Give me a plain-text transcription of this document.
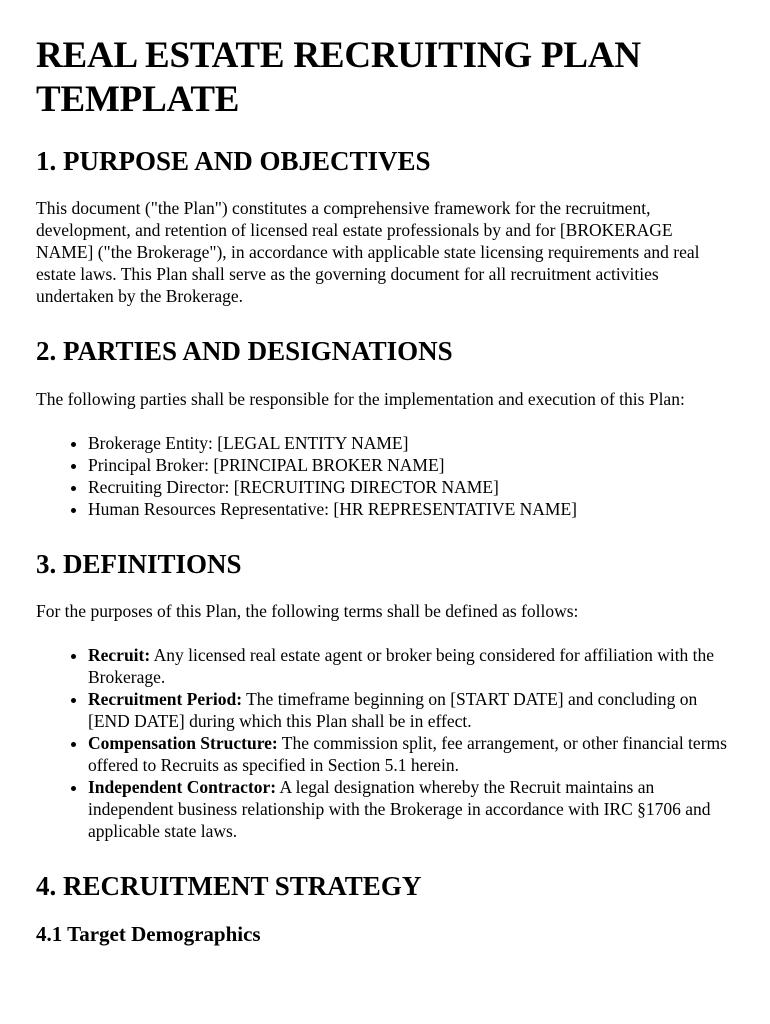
REAL ESTATE RECRUITING PLAN TEMPLATE
1. PURPOSE AND OBJECTIVES

This document ("the Plan") constitutes a comprehensive framework for the recruitment, development, and retention of licensed real estate professionals by and for [BROKERAGE NAME] ("the Brokerage"), in accordance with applicable state licensing requirements and real estate laws. This Plan shall serve as the governing document for all recruitment activities undertaken by the Brokerage.

2. PARTIES AND DESIGNATIONS

The following parties shall be responsible for the implementation and execution of this Plan:

• Brokerage Entity: [LEGAL ENTITY NAME]
• Principal Broker: [PRINCIPAL BROKER NAME]
• Recruiting Director: [RECRUITING DIRECTOR NAME]
• Human Resources Representative: [HR REPRESENTATIVE NAME]
3. DEFINITIONS

For the purposes of this Plan, the following terms shall be defined as follows:

• Recruit: Any licensed real estate agent or broker being considered for affiliation with the Brokerage.
• Recruitment Period: The timeframe beginning on [START DATE] and concluding on [END DATE] during which this Plan shall be in effect.
• Compensation Structure: The commission split, fee arrangement, or other financial terms offered to Recruits as specified in Section 5.1 herein.
• Independent Contractor: A legal designation whereby the Recruit maintains an independent business relationship with the Brokerage in accordance with IRC §1706 and applicable state laws.
4. RECRUITMENT STRATEGY
4.1 Target Demographics
